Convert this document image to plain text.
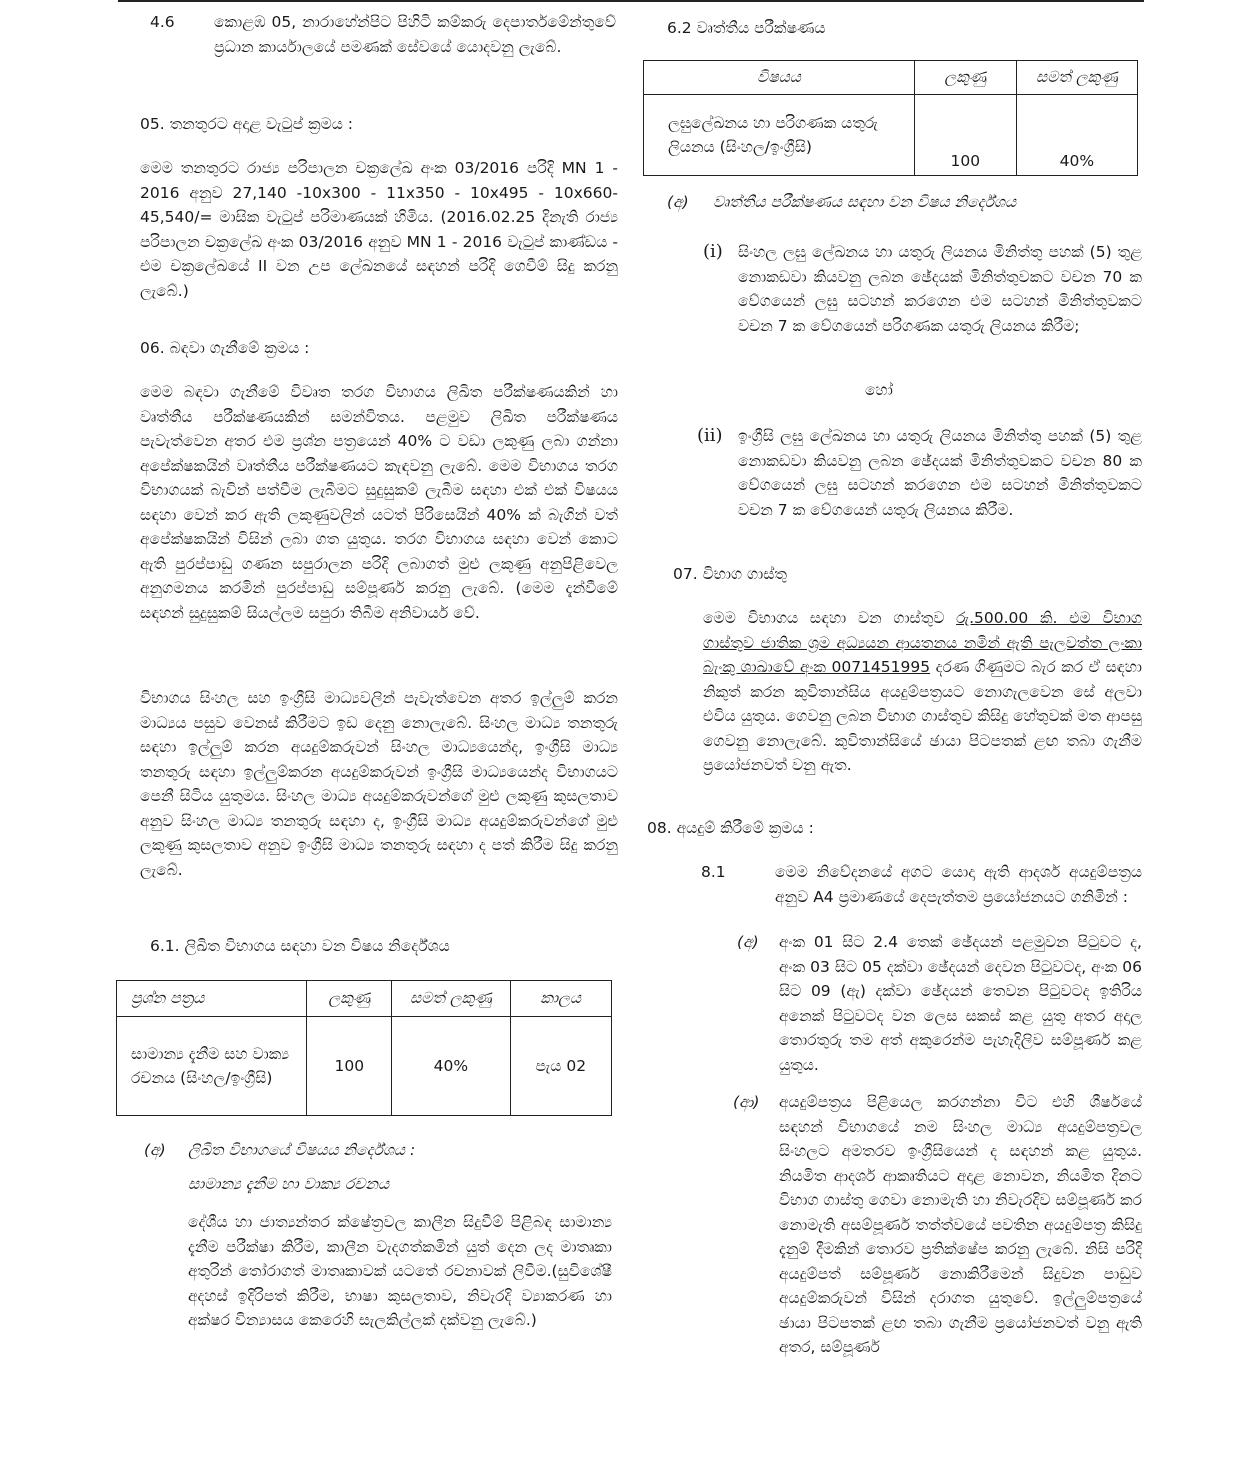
4.6	කොළඹ 05, නාරාහේන්පිට පිහිටි කම්කරු දෙපාර්තමේන්තුවේ ප්‍රධාන කාර්යාලයේ පමණක් සේවයේ යොදවනු ලැබේ.

05. තනතුරට අදාළ වැටුප් ක්‍රමය :

මෙම තනතුරට රාජ්‍ය පරිපාලන චක්‍රලේඛ අංක 03/2016 පරිදි MN 1 - 2016 අනුව 27,140 -10x300 - 11x350 - 10x495 - 10x660- 45,540/= මාසික වැටුප් පරිමාණයක් හිමිය. (2016.02.25 දිනැති රාජ්‍ය පරිපාලන චක්‍රලේඛ අංක 03/2016 අනුව MN 1 - 2016 වැටුප් කාණ්ඩය - එම චක්‍රලේඛයේ II වන උප ලේඛනයේ සඳහන් පරිදි ගෙවීම් සිදු කරනු ලැබේ.)

06. බඳවා ගැනීමේ ක්‍රමය :

මෙම බඳවා ගැනීමේ විවෘත තරග විභාගය ලිඛිත පරීක්ෂණයකින් හා වෘත්තීය පරීක්ෂණයකින් සමන්විතය. පළමුව ලිඛිත පරීක්ෂණය පැවැත්වෙන අතර එම ප්‍රශ්න පත්‍රයෙන් 40% ට වඩා ලකුණු ලබා ගන්නා අපේක්ෂකයින් වෘත්තීය පරීක්ෂණයට කැඳවනු ලැබේ. මෙම විභාගය තරග විභාගයක් බැවින් පත්වීම ලැබීමට සුදුසුකම් ලැබීම සඳහා එක් එක් විෂයය සඳහා වෙන් කර ඇති ලකුණුවලින් යටත් පිරිසෙයින් 40% ක් බැගින් වත් අපේක්ෂකයින් විසින් ලබා ගත යුතුය. තරග විභාගය සඳහා වෙන් කොට ඇති පුරප්පාඩු ගණන සපුරාලන පරිදි ලබාගත් මුළු ලකුණු අනුපිළිවෙල අනුගමනය කරමින් පුරප්පාඩු සම්පූර්ණ කරනු ලැබේ. (මෙම දැන්වීමේ සඳහන් සුදුසුකම් සියල්ලම සපුරා තිබීම අනිවාර්ය වේ.

විභාගය සිංහල සහ ඉංග්‍රීසි මාධ්‍යවලින් පැවැත්වෙන අතර ඉල්ලුම් කරන මාධ්‍යය පසුව වෙනස් කිරීමට ඉඩ දෙනු නොලැබේ. සිංහල මාධ්‍ය තනතුරු සඳහා ඉල්ලුම් කරන අයදුම්කරුවන් සිංහල මාධ්‍යයෙන්ද, ඉංග්‍රීසි මාධ්‍ය තනතුරු සඳහා ඉල්ලුම්කරන අයදුම්කරුවන් ඉංග්‍රීසි මාධ්‍යයෙන්ද විභාගයට පෙනී සිටිය යුතුමය. සිංහල මාධ්‍ය අයදුම්කරුවන්ගේ මුළු ලකුණු කුසලතාව අනුව සිංහල මාධ්‍ය තනතුරු සඳහා ද, ඉංග්‍රීසි මාධ්‍ය අයදුම්කරුවන්ගේ මුළු ලකුණු කුසලතාව අනුව ඉංග්‍රීසි මාධ්‍ය තනතුරු සඳහා ද පත් කිරීම සිදු කරනු ලැබේ.

6.1. ලිඛිත විභාගය සඳහා වන විෂය නිර්දේශය
ප්‍රශ්න පත්‍රය	ලකුණු	සමත් ලකුණු	කාලය
සාමාන්‍ය දැනීම සහ වාක්‍ය රචනය (සිංහල/ඉංග්‍රීසි)	100	40%	පැය 02
(අ) ලිඛිත විභාගයේ විෂයය නිර්දේශය :
සාමාන්‍ය දැනීම හා වාක්‍ය රචනය

දේශීය හා ජාත්‍යන්තර ක්ෂේත්‍රවල කාලීන සිදුවීම් පිළිබඳ සාමාන්‍ය දැනීම පරීක්ෂා කිරීම, කාලීන වැදගත්කමින් යුත් දෙන ලද මාතෘකා අතුරින් තෝරාගත් මාතෘකාවක් යටතේ රචනාවක් ලිවීම.(සුවිශේෂී අදහස් ඉදිරිපත් කිරීම, භාෂා කුසලතාව, නිවැරදි ව්‍යාකරණ හා අක්ෂර වින්‍යාසය කෙරෙහි සැලකිල්ලක් දක්වනු ලැබේ.)

6.2 වෘත්තීය පරීක්ෂණය
විෂයය	ලකුණු	සමත් ලකුණු
ලඝුලේඛනය හා පරිගණක යතුරු ලියනය (සිංහල/ඉංග්‍රීසි)	100	40%
(අ) වෘත්තීය පරීක්ෂණය සඳහා වන විෂය නිර්දේශය
(i) සිංහල ලඝු ලේඛනය හා යතුරු ලියනය මිනිත්තු පහක් (5) තුළ නොකඩවා කියවනු ලබන ඡේදයක් මිනිත්තුවකට වචන 70 ක වේගයෙන් ලඝු සටහන් කරගෙන එම සටහන් මිනිත්තුවකට වචන 7 ක වේගයෙන් පරිගණක යතුරු ලියනය කිරීම;

හෝ
(ii) ඉංග්‍රීසි ලඝු ලේඛනය හා යතුරු ලියනය මිනිත්තු පහක් (5) තුළ නොකඩවා කියවනු ලබන ඡේදයක් මිනිත්තුවකට වචන 80 ක වේගයෙන් ලඝු සටහන් කරගෙන එම සටහන් මිනිත්තුවකට වචන 7 ක වේගයෙන් යතුරු ලියනය කිරීම.

07. විභාග ගාස්තු

මෙම විභාගය සඳහා වන ගාස්තුව රු.500.00 කි. එම විභාග ගාස්තුව ජාතික ශ්‍රම අධ්‍යයන ආයතනය නමින් ඇති පැලවත්ත ලංකා බැංකු ශාඛාවේ අංක 0071451995 දරණ ගිණුමට බැර කර ඒ සඳහා නිකුත් කරන කුවිතාන්සිය අයදුම්පත්‍රයට නොගැලවෙන සේ අලවා එවිය යුතුය. ගෙවනු ලබන විභාග ගාස්තුව කිසිදු හේතුවක් මත ආපසු ගෙවනු නොලැබේ. කුවිතාන්සියේ ඡායා පිටපතක් ළඟ තබා ගැනීම ප්‍රයෝජනවත් වනු ඇත.

08. අයදුම් කිරීමේ ක්‍රමය :
8.1	මෙම නිවේදනයේ අගට යොදා ඇති ආදර්ශ අයදුම්පත්‍රය අනුව A4 ප්‍රමාණයේ දෙපැත්තම ප්‍රයෝජනයට ගනිමින් :

(අ) අංක 01 සිට 2.4 තෙක් ඡේදයන් පළමුවන පිටුවට ද, අංක 03 සිට 05 දක්වා ඡේදයන් දෙවන පිටුවටද, අංක 06 සිට 09 (ඇ) දක්වා ඡේදයන් තෙවන පිටුවටද ඉතිරිය අනෙක් පිටුවටද වන ලෙස සකස් කළ යුතු අතර අදාල තොරතුරු තම අත් අකුරෙන්ම පැහැදිලිව සම්පූර්ණ කළ යුතුය.

(ආ) අයදුම්පත්‍රය පිළියෙල කරගන්නා විට එහි ශීර්ෂයේ සඳහන් විභාගයේ නම සිංහල මාධ්‍ය අයදුම්පත්‍රවල සිංහලට අමතරව ඉංග්‍රීසියෙන් ද සඳහන් කළ යුතුය. නියමිත ආදර්ශ ආකෘතියට අදාළ නොවන, නියමිත දිනට විභාග ගාස්තු ගෙවා නොමැති හා නිවැරදිව සම්පූර්ණ කර නොමැති අසම්පූර්ණ තත්ත්වයේ පවතින අයදුම්පත්‍ර කිසිදු දැනුම් දීමකින් තොරව ප්‍රතික්ෂේප කරනු ලැබේ. නිසි පරිදි අයදුම්පත් සම්පූර්ණ නොකිරීමෙන් සිදුවන පාඩුව අයදුම්කරුවන් විසින් දරාගත යුතුවේ. ඉල්ලුම්පත්‍රයේ ඡායා පිටපතක් ළඟ තබා ගැනීම ප්‍රයෝජනවත් වනු ඇති අතර, සම්පූර්ණ
